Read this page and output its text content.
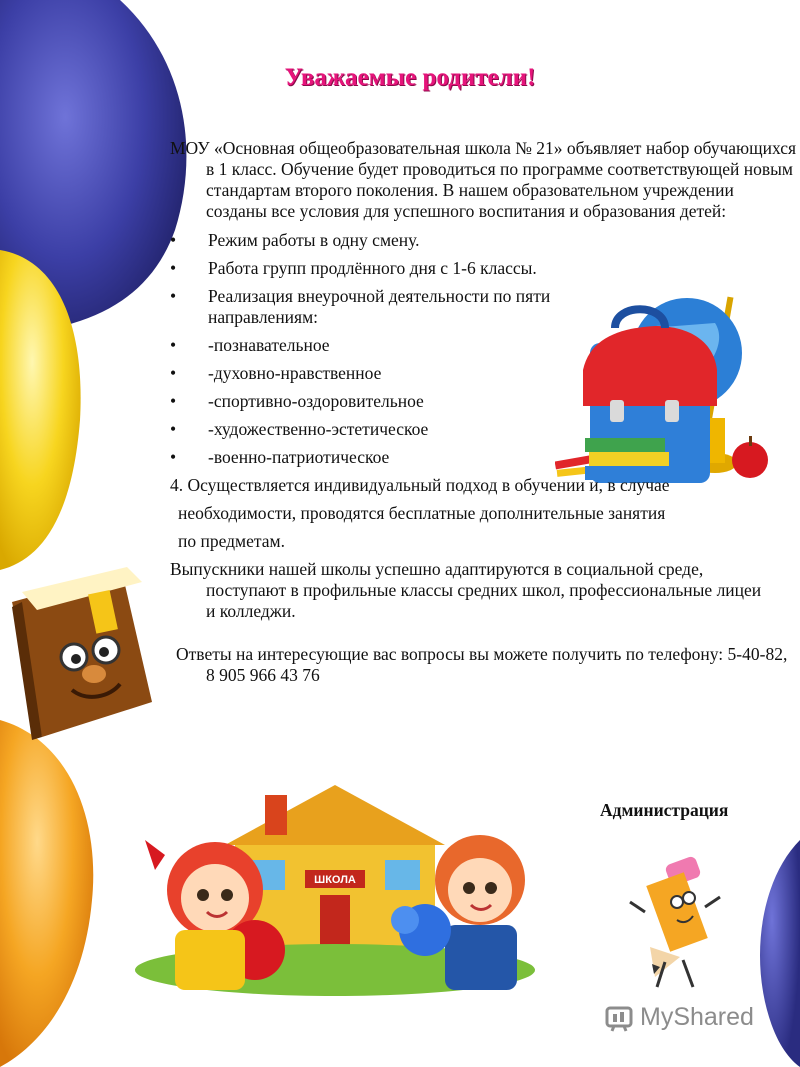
Уважаемые родители!

МОУ «Основная общеобразовательная школа № 21» объявляет набор обучающихся в 1 класс. Обучение будет проводиться по программе соответствующей новым стандартам второго поколения. В нашем образовательном учреждении созданы все условия для успешного воспитания и образования детей:

•	Режим работы в одну смену.
•	Работа групп продлённого дня с 1-6 классы.
•	Реализация внеурочной деятельности по пяти направлениям:
•	-познавательное
•	-духовно-нравственное
•	-спортивно-оздоровительное
•	-художественно-эстетическое
•	-военно-патриотическое

4. Осуществляется индивидуальный подход в обучении и, в случае

необходимости, проводятся бесплатные дополнительные занятия

по предметам.

Выпускники нашей школы успешно адаптируются в социальной среде, поступают в профильные классы средних школ, профессиональные лицеи и колледжи.

Ответы на интересующие вас вопросы вы можете получить по телефону: 5-40-82, 8 905 966 43 76

Администрация
ШКОЛА
MyShared
